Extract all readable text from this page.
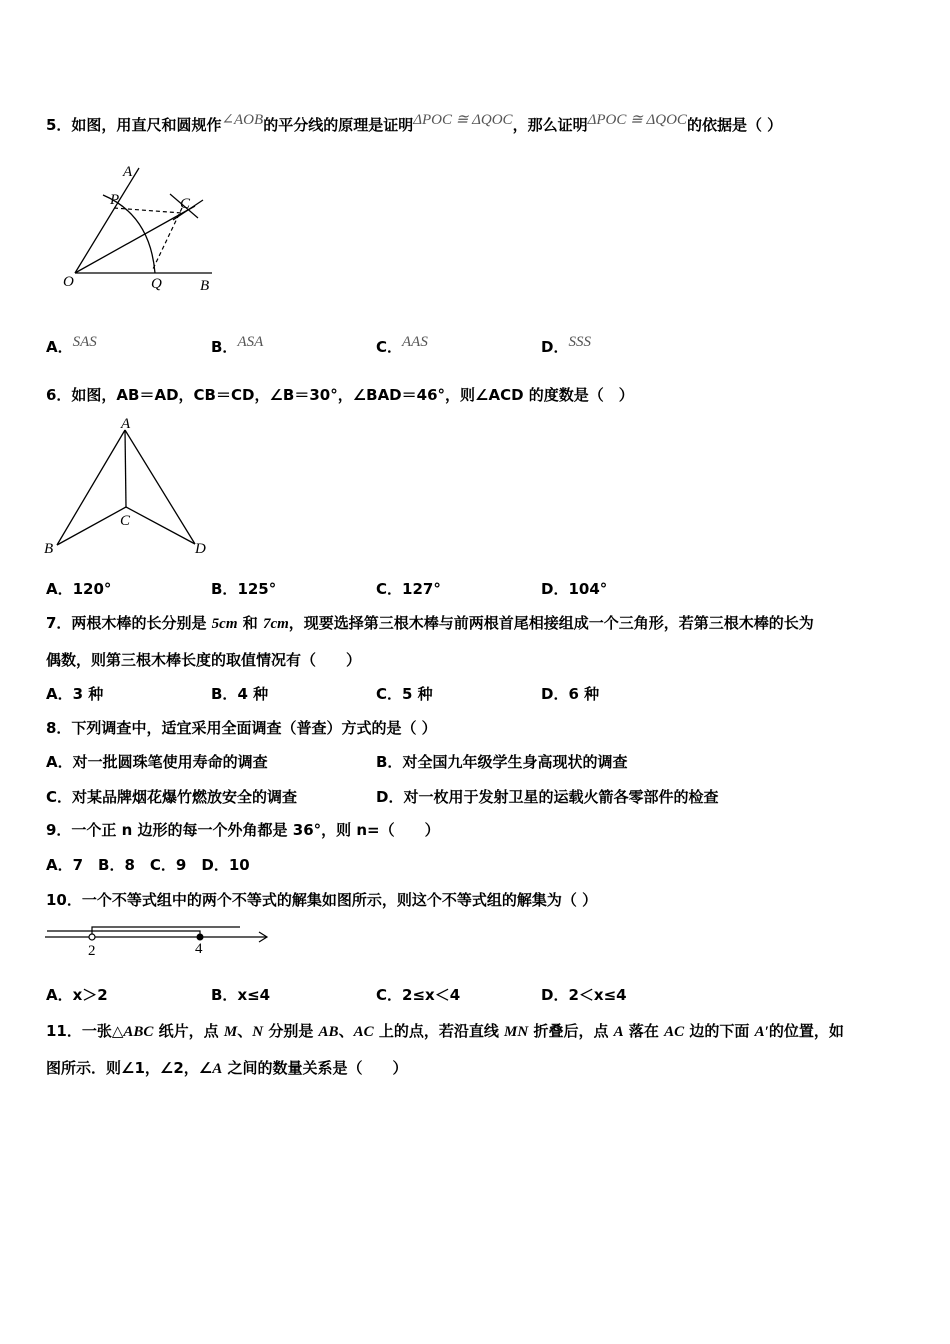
5．如图，用直尺和圆规作∠AOB的平分线的原理是证明ΔPOC ≅ ΔQOC，那么证明ΔPOC ≅ ΔQOC的依据是（ ）
A
P	C
O	Q	B
A．SAS	B．ASA	C．AAS	D．SSS
6．如图，AB＝AD，CB＝CD，∠B＝30°，∠BAD＝46°，则∠ACD 的度数是（　）
A
B
C
D
A．120°	B．125°	C．127°	D．104°
7．两根木棒的长分别是 5cm 和 7cm，现要选择第三根木棒与前两根首尾相接组成一个三角形，若第三根木棒的长为
偶数，则第三根木棒长度的取值情况有（　　）
A．3 种	B．4 种	C．5 种	D．6 种
8．下列调查中，适宜采用全面调查（普查）方式的是（ ）
A．对一批圆珠笔使用寿命的调查	B．对全国九年级学生身高现状的调查
C．对某品牌烟花爆竹燃放安全的调查	D．对一枚用于发射卫星的运载火箭各零部件的检查
9．一个正 n 边形的每一个外角都是 36°，则 n=（　　）
A．7　B．8　C．9　D．10
10．一个不等式组中的两个不等式的解集如图所示，则这个不等式组的解集为（ ）
2	4
A．x＞2	B．x≤4	C．2≤x＜4	D．2＜x≤4
11．一张△ABC 纸片，点 M、N 分别是 AB、AC 上的点，若沿直线 MN 折叠后，点 A 落在 AC 边的下面 A′的位置，如
图所示．则∠1，∠2，∠A 之间的数量关系是（　　）
